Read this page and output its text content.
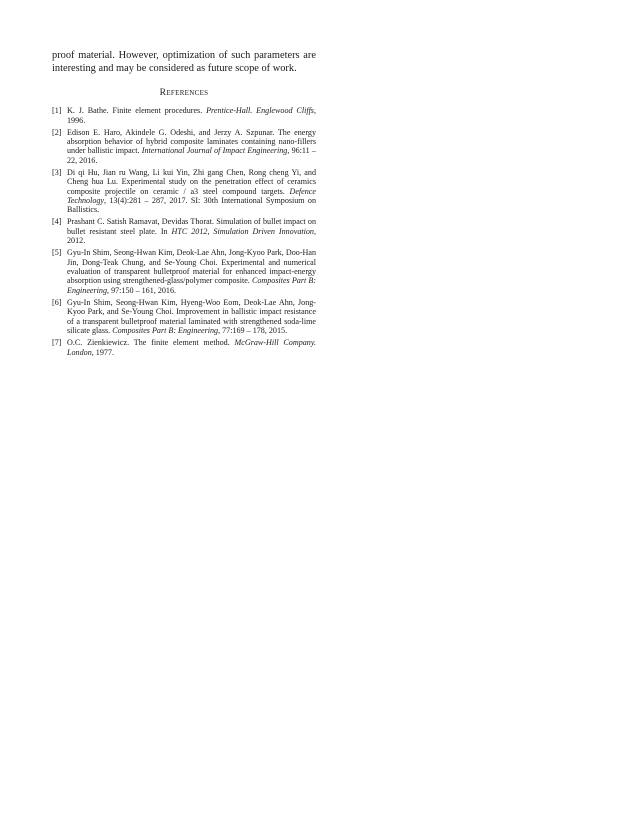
proof material. However, optimization of such parameters are interesting and may be considered as future scope of work.

References
[1] K. J. Bathe. Finite element procedures. Prentice-Hall. Englewood Cliffs, 1996.
[2] Edison E. Haro, Akindele G. Odeshi, and Jerzy A. Szpunar. The energy absorption behavior of hybrid composite laminates containing nano-fillers under ballistic impact. International Journal of Impact Engineering, 96:11 – 22, 2016.
[3] Di qi Hu, Jian ru Wang, Li kui Yin, Zhi gang Chen, Rong cheng Yi, and Cheng hua Lu. Experimental study on the penetration effect of ceramics composite projectile on ceramic / a3 steel compound targets. Defence Technology, 13(4):281 – 287, 2017. SI: 30th International Symposium on Ballistics.
[4] Prashant C. Satish Ramavat, Devidas Thorat. Simulation of bullet impact on bullet resistant steel plate. In HTC 2012, Simulation Driven Innovation, 2012.
[5] Gyu-In Shim, Seong-Hwan Kim, Deok-Lae Ahn, Jong-Kyoo Park, Doo-Han Jin, Dong-Teak Chung, and Se-Young Choi. Experimental and numerical evaluation of transparent bulletproof material for enhanced impact-energy absorption using strengthened-glass/polymer composite. Composites Part B: Engineering, 97:150 – 161, 2016.
[6] Gyu-In Shim, Seong-Hwan Kim, Hyeng-Woo Eom, Deok-Lae Ahn, Jong-Kyoo Park, and Se-Young Choi. Improvement in ballistic impact resistance of a transparent bulletproof material laminated with strengthened soda-lime silicate glass. Composites Part B: Engineering, 77:169 – 178, 2015.
[7] O.C. Zienkiewicz. The finite element method. McGraw-Hill Company. London, 1977.
